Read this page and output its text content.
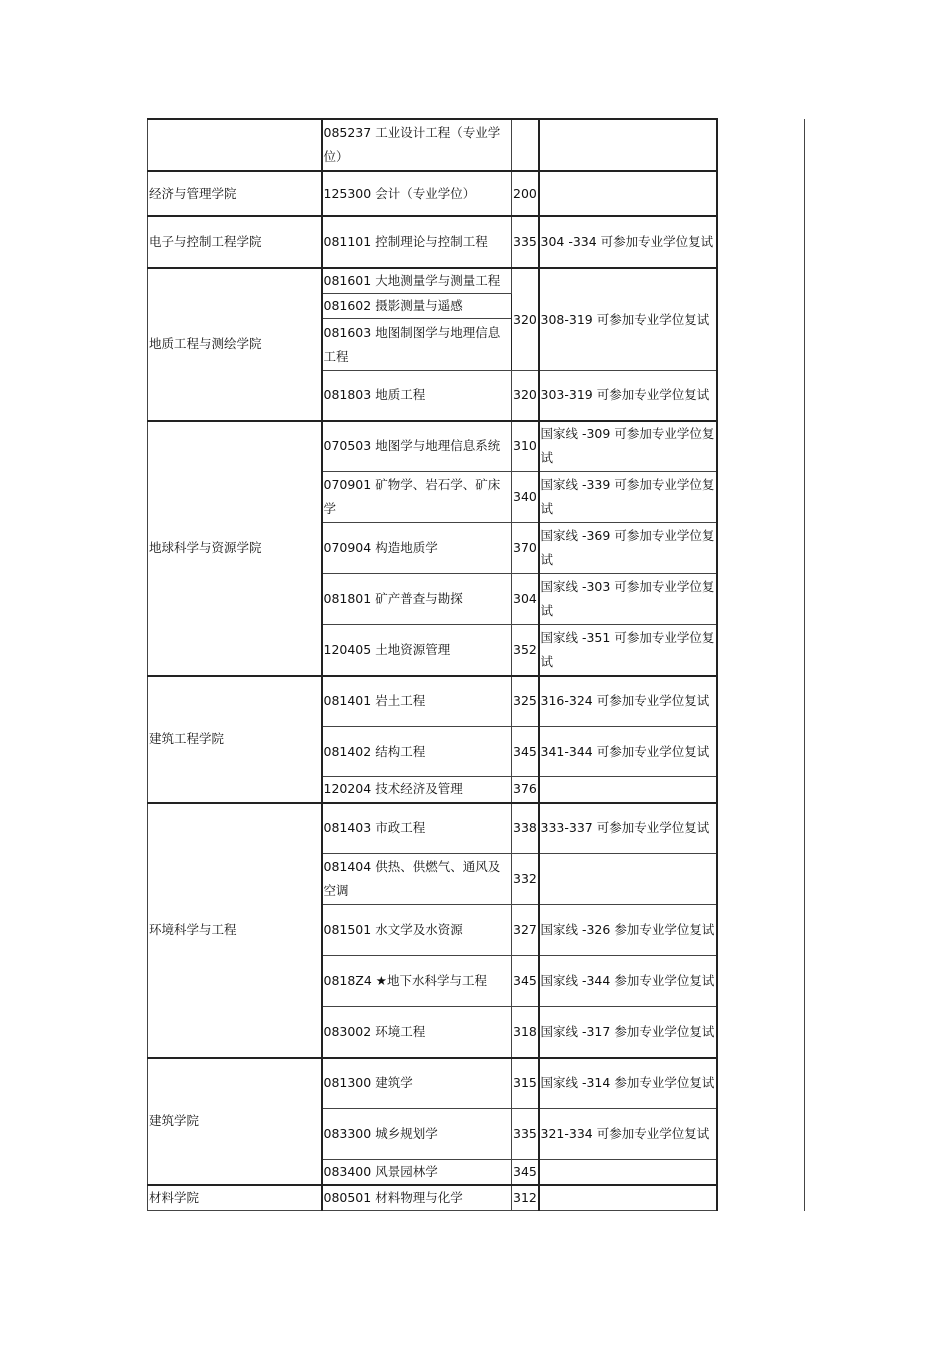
	085237 工业设计工程（专业学位）			
经济与管理学院	125300 会计（专业学位）	200		
电子与控制工程学院	081101 控制理论与控制工程	335	304 -334 可参加专业学位复试	
地质工程与测绘学院	081601 大地测量学与测量工程	320	308-319 可参加专业学位复试	
	081602 摄影测量与遥感			
	081603 地图制图学与地理信息工程			
	081803 地质工程	320	303-319 可参加专业学位复试	
地球科学与资源学院	070503 地图学与地理信息系统	310	国家线 -309 可参加专业学位复试	
	070901 矿物学、岩石学、矿床学	340	国家线 -339 可参加专业学位复试	
	070904 构造地质学	370	国家线 -369 可参加专业学位复试	
	081801 矿产普查与勘探	304	国家线 -303 可参加专业学位复试	
	120405 土地资源管理	352	国家线 -351 可参加专业学位复试	
建筑工程学院	081401 岩土工程	325	316-324 可参加专业学位复试	
	081402 结构工程	345	341-344 可参加专业学位复试	
	120204 技术经济及管理	376		
环境科学与工程	081403 市政工程	338	333-337 可参加专业学位复试	
	081404 供热、供燃气、通风及空调	332		
	081501 水文学及水资源	327	国家线 -326 参加专业学位复试	
	0818Z4 ★地下水科学与工程	345	国家线 -344 参加专业学位复试	
	083002 环境工程	318	国家线 -317 参加专业学位复试	
建筑学院	081300 建筑学	315	国家线 -314 参加专业学位复试	
	083300 城乡规划学	335	321-334 可参加专业学位复试	
	083400 风景园林学	345		
材料学院	080501 材料物理与化学	312		
